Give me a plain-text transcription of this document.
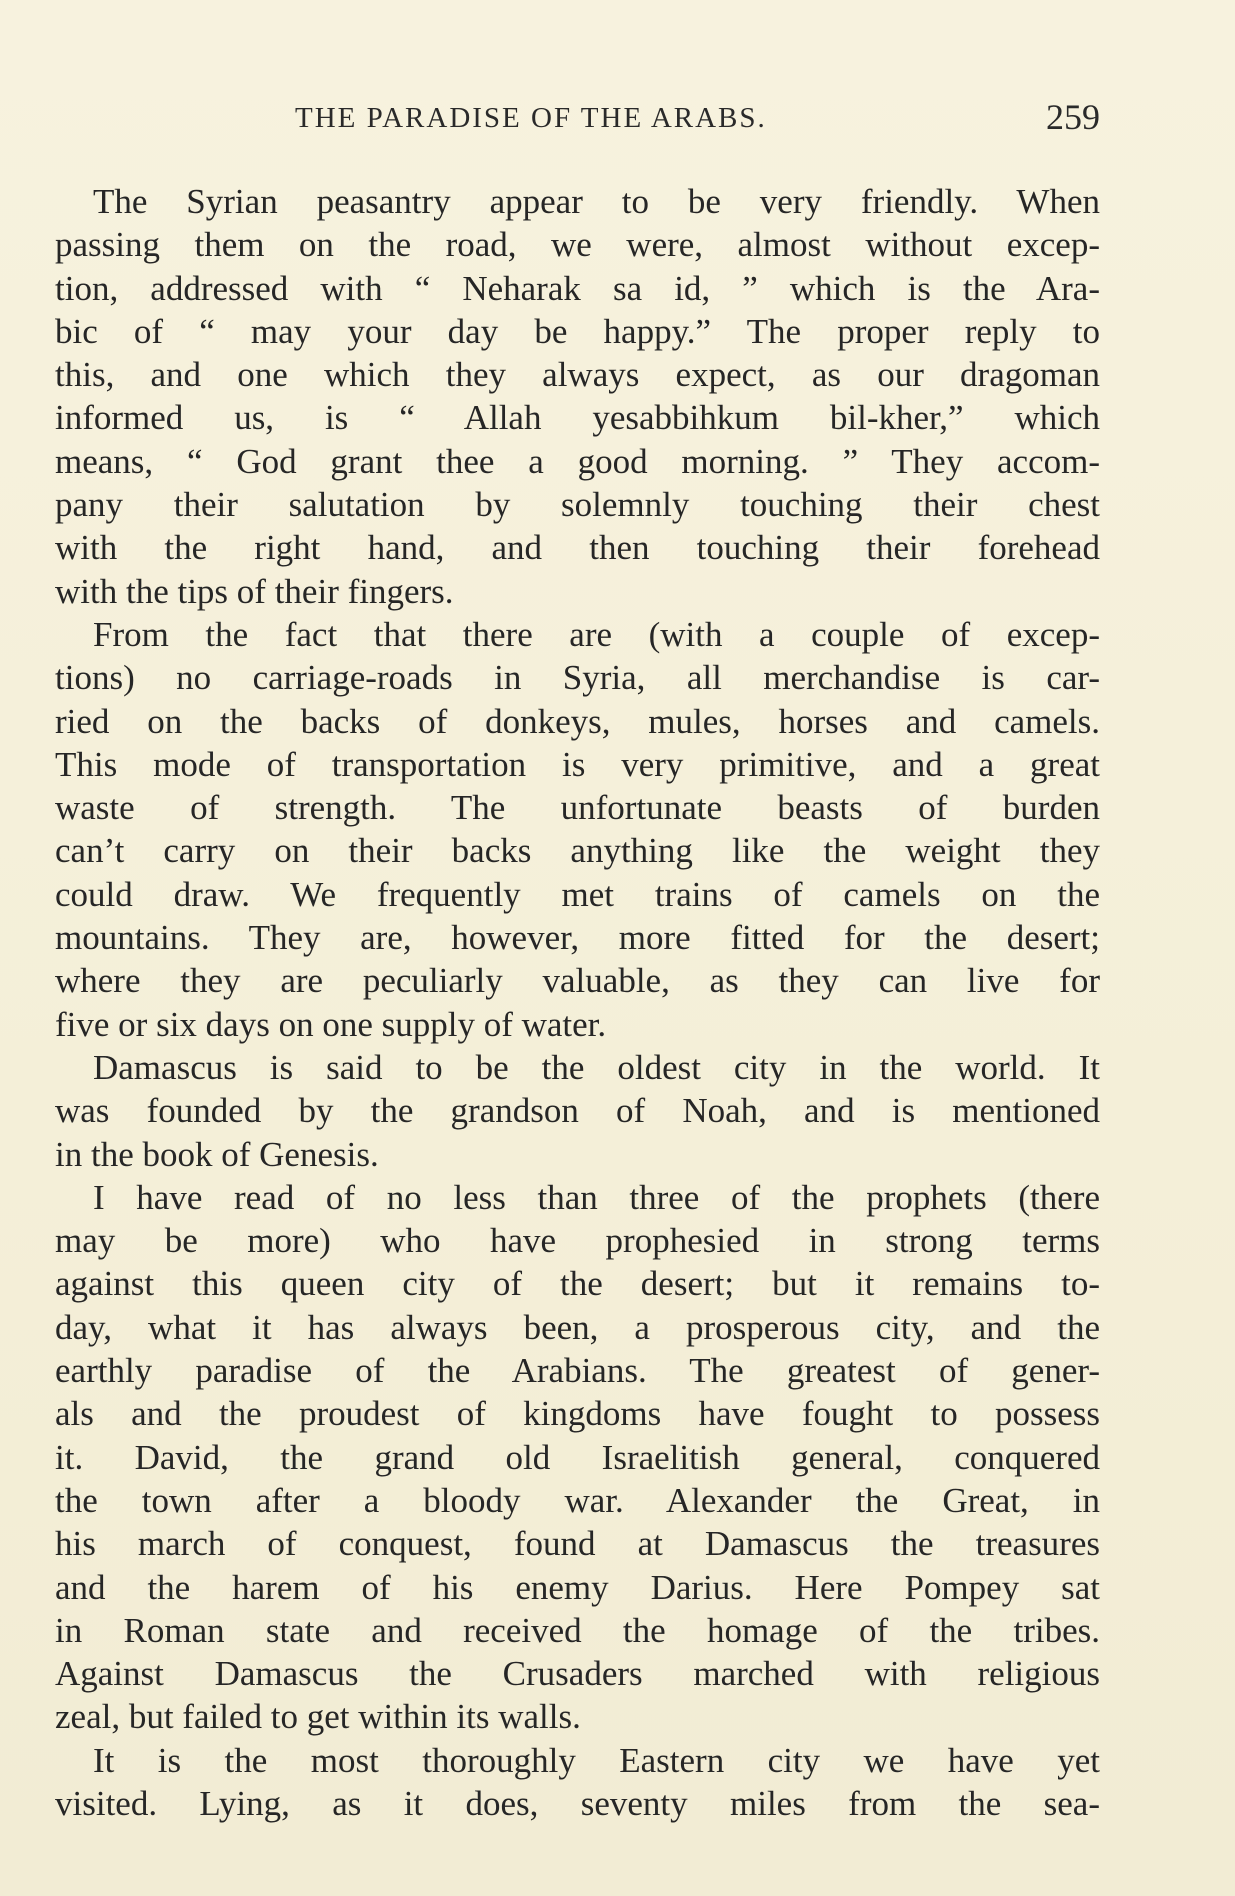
THE PARADISE OF THE ARABS.	259
The Syrian peasantry appear to be very friendly. When
passing them on the road, we were, almost without excep-
tion, addressed with “ Neharak sa id, ” which is the Ara-
bic of “ may your day be happy.” The proper reply to
this, and one which they always expect, as our dragoman
informed us, is “ Allah yesabbihkum bil-kher,” which
means, “ God grant thee a good morning. ” They accom-
pany their salutation by solemnly touching their chest
with the right hand, and then touching their forehead
with the tips of their fingers.
From the fact that there are (with a couple of excep-
tions) no carriage-roads in Syria, all merchandise is car-
ried on the backs of donkeys, mules, horses and camels.
This mode of transportation is very primitive, and a great
waste of strength. The unfortunate beasts of burden
can’t carry on their backs anything like the weight they
could draw. We frequently met trains of camels on the
mountains. They are, however, more fitted for the desert;
where they are peculiarly valuable, as they can live for
five or six days on one supply of water.
Damascus is said to be the oldest city in the world. It
was founded by the grandson of Noah, and is mentioned
in the book of Genesis.
I have read of no less than three of the prophets (there
may be more) who have prophesied in strong terms
against this queen city of the desert; but it remains to-
day, what it has always been, a prosperous city, and the
earthly paradise of the Arabians. The greatest of gener-
als and the proudest of kingdoms have fought to possess
it. David, the grand old Israelitish general, conquered
the town after a bloody war. Alexander the Great, in
his march of conquest, found at Damascus the treasures
and the harem of his enemy Darius. Here Pompey sat
in Roman state and received the homage of the tribes.
Against Damascus the Crusaders marched with religious
zeal, but failed to get within its walls.
It is the most thoroughly Eastern city we have yet
visited. Lying, as it does, seventy miles from the sea-
